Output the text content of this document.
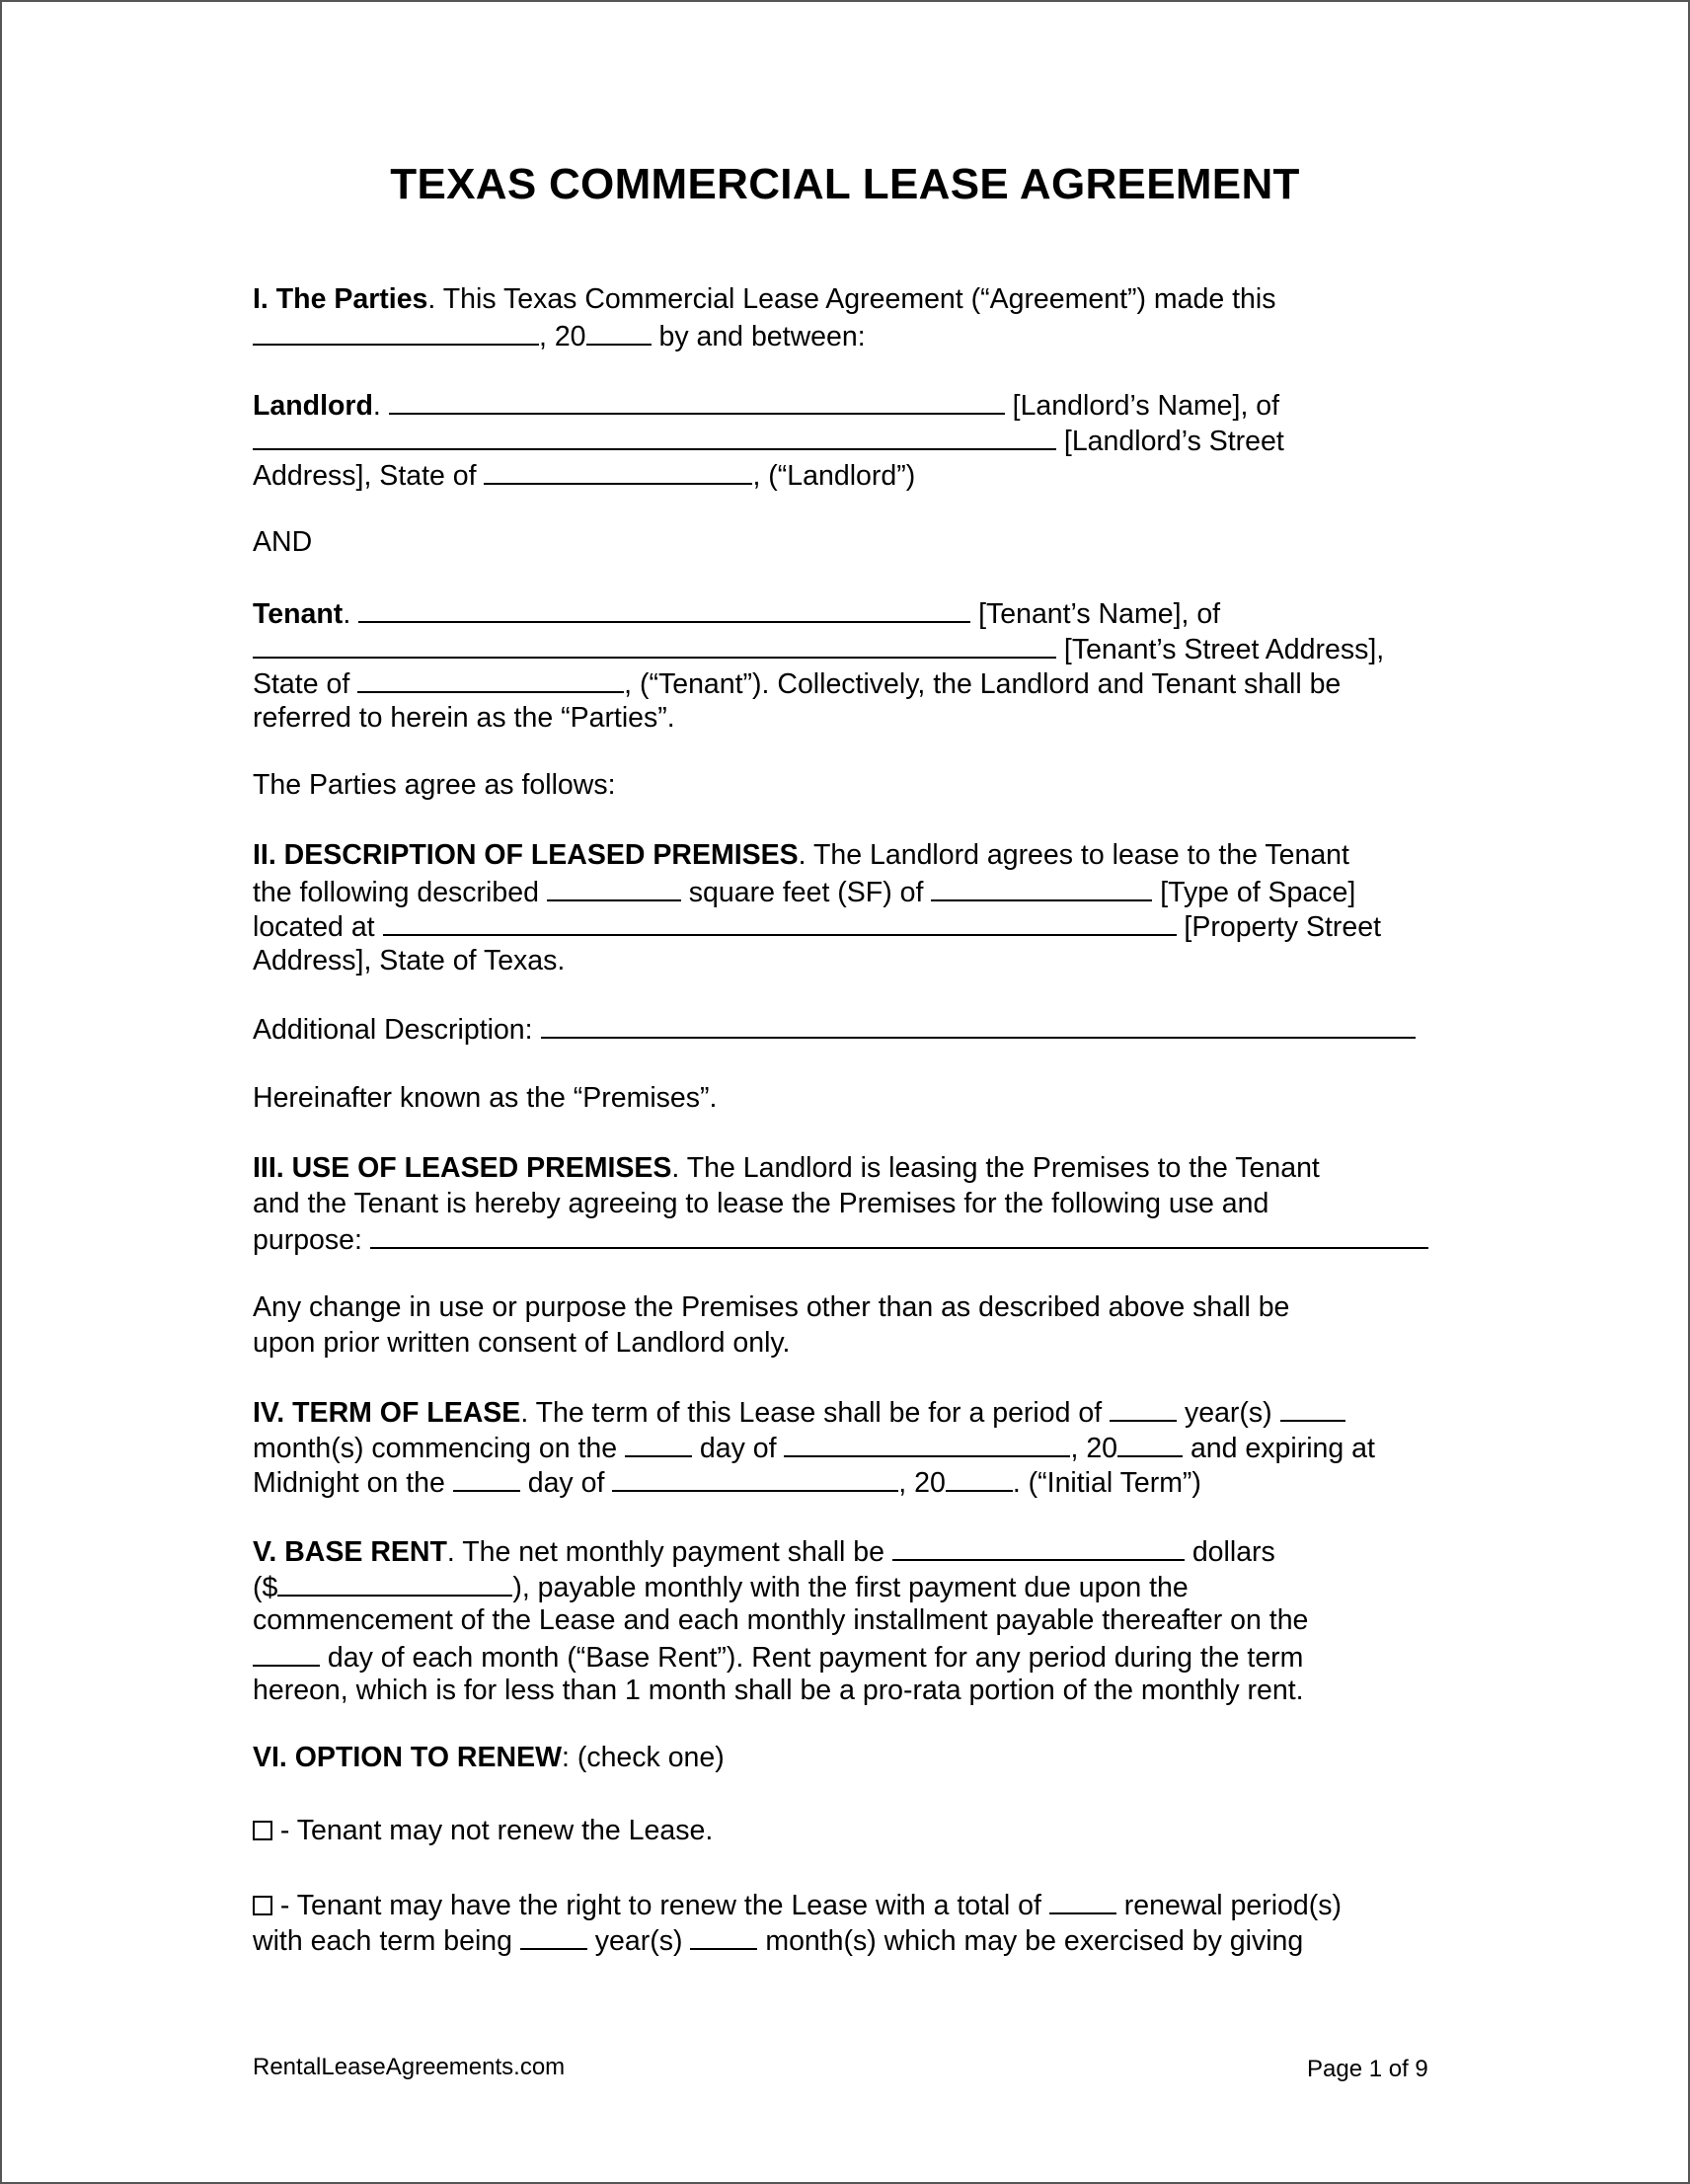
TEXAS COMMERCIAL LEASE AGREEMENT
I. The Parties. This Texas Commercial Lease Agreement (“Agreement”) made this
, 20 by and between:
Landlord.	[Landlord’s Name], of
[Landlord’s Street
Address], State of	, (“Landlord”)
AND
Tenant.	[Tenant’s Name], of
[Tenant’s Street Address],
State of	, (“Tenant”). Collectively, the Landlord and Tenant shall be
referred to herein as the “Parties”.
The Parties agree as follows:
II. DESCRIPTION OF LEASED PREMISES. The Landlord agrees to lease to the Tenant
the following described	square feet (SF) of	[Type of Space]
located at	[Property Street
Address], State of Texas.
Additional Description:
Hereinafter known as the “Premises”.
III. USE OF LEASED PREMISES. The Landlord is leasing the Premises to the Tenant
and the Tenant is hereby agreeing to lease the Premises for the following use and
purpose:
Any change in use or purpose the Premises other than as described above shall be
upon prior written consent of Landlord only.
IV. TERM OF LEASE. The term of this Lease shall be for a period of  year(s)
month(s) commencing on the  day of	, 20 and expiring at
Midnight on the  day of	, 20 . (“Initial Term”)
V. BASE RENT. The net monthly payment shall be	dollars
($	), payable monthly with the first payment due upon the
commencement of the Lease and each monthly installment payable thereafter on the
day of each month (“Base Rent”). Rent payment for any period during the term
hereon, which is for less than 1 month shall be a pro-rata portion of the monthly rent.
VI. OPTION TO RENEW: (check one)
- Tenant may not renew the Lease.
- Tenant may have the right to renew the Lease with a total of  renewal period(s)
with each term being  year(s)  month(s) which may be exercised by giving
RentalLeaseAgreements.com	Page 1 of 9
